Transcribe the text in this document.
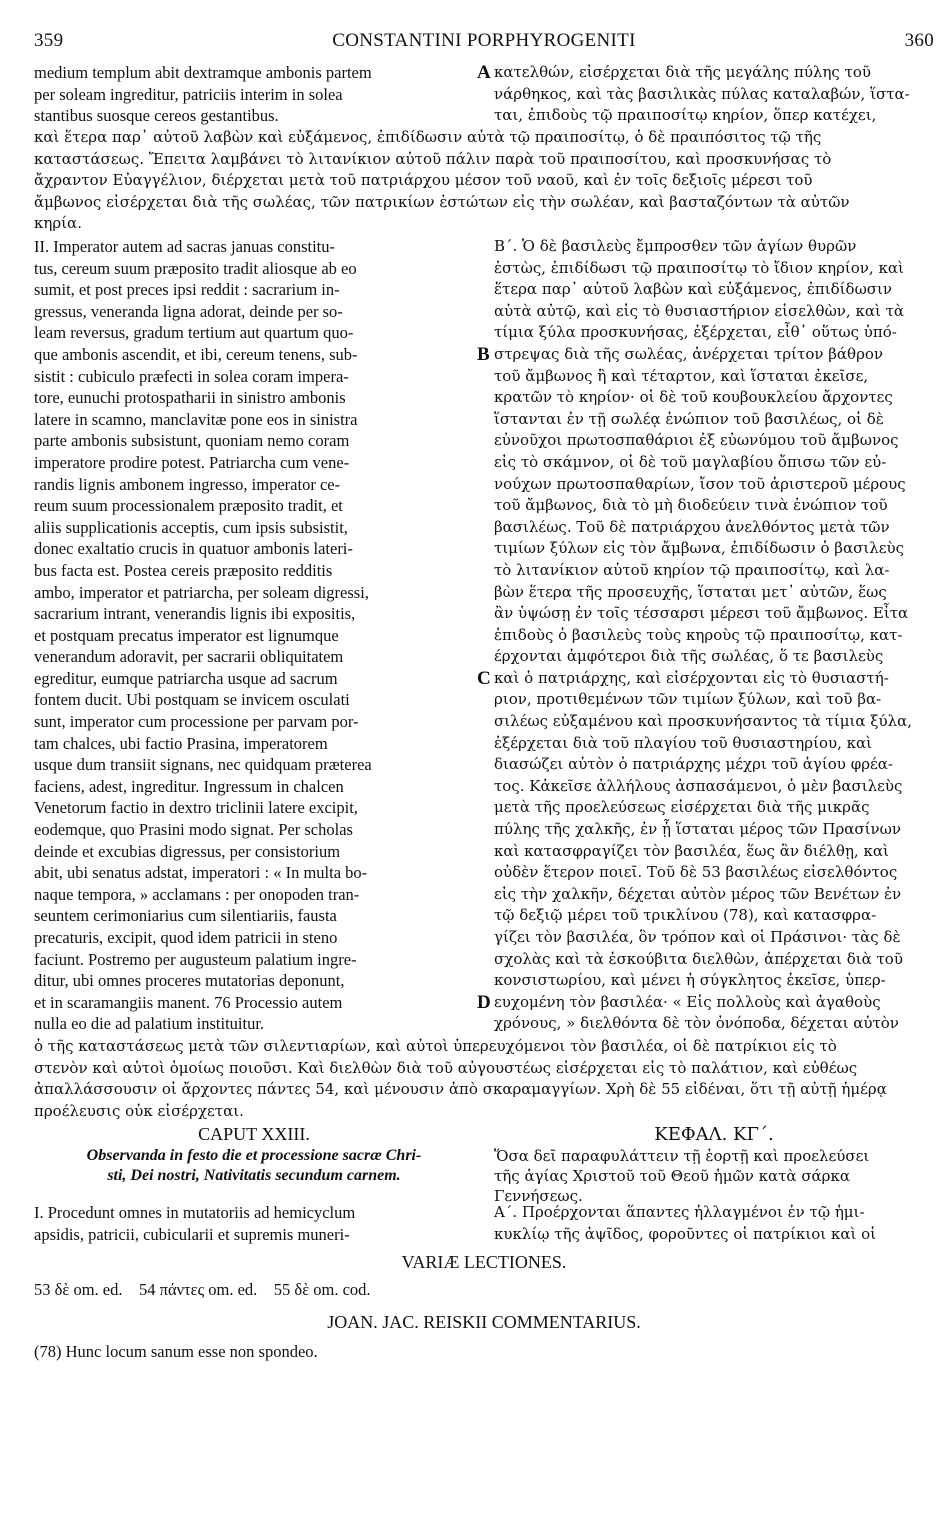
359	CONSTANTINI PORPHYROGENITI	360
medium templum abit dextramque ambonis partem
per soleam ingreditur, patriciis interim in solea
stantibus suosque cereos gestantibus.
A κατελθών, εἰσέρχεται διὰ τῆς μεγάλης πύλης τοῦ
νάρθηκος, καὶ τὰς βασιλικὰς πύλας καταλαβών, ἵστα-
ται, ἐπιδοὺς τῷ πραιποσίτῳ κηρίον, ὅπερ κατέχει,
καὶ ἕτερα παρ᾽ αὐτοῦ λαβὼν καὶ εὐξάμενος, ἐπιδίδωσιν αὐτὰ τῷ πραιποσίτῳ, ὁ δὲ πραιπόσιτος τῷ τῆς
καταστάσεως. Ἔπειτα λαμβάνει τὸ λιτανίκιον αὐτοῦ πάλιν παρὰ τοῦ πραιποσίτου, καὶ προσκυνήσας τὸ
ἄχραντον Εὐαγγέλιον, διέρχεται μετὰ τοῦ πατριάρχου μέσον τοῦ ναοῦ, καὶ ἐν τοῖς δεξιοῖς μέρεσι τοῦ
ἄμβωνος εἰσέρχεται διὰ τῆς σωλέας, τῶν πατρικίων ἑστώτων εἰς τὴν σωλέαν, καὶ βασταζόντων τὰ αὐτῶν
κηρία.
II. Imperator autem ad sacras januas constitu-
tus, cereum suum præposito tradit aliosque ab eo
sumit, et post preces ipsi reddit : sacrarium in-
gressus, veneranda ligna adorat, deinde per so-
leam reversus, gradum tertium aut quartum quo-
que ambonis ascendit, et ibi, cereum tenens, sub-
sistit : cubiculo præfecti in solea coram impera-
tore, eunuchi protospatharii in sinistro ambonis
latere in scamno, manclavitæ pone eos in sinistra
parte ambonis subsistunt, quoniam nemo coram
imperatore prodire potest. Patriarcha cum vene-
randis lignis ambonem ingresso, imperator ce-
reum suum processionalem præposito tradit, et
aliis supplicationis acceptis, cum ipsis subsistit,
donec exaltatio crucis in quatuor ambonis lateri-
bus facta est. Postea cereis præposito redditis
ambo, imperator et patriarcha, per soleam digressi,
sacrarium intrant, venerandis lignis ibi expositis,
et postquam precatus imperator est lignumque
venerandum adoravit, per sacrarii obliquitatem
egreditur, eumque patriarcha usque ad sacrum
fontem ducit. Ubi postquam se invicem osculati
sunt, imperator cum processione per parvam por-
tam chalces, ubi factio Prasina, imperatorem
usque dum transiit signans, nec quidquam præterea
faciens, adest, ingreditur. Ingressum in chalcen
Venetorum factio in dextro triclinii latere excipit,
eodemque, quo Prasini modo signat. Per scholas
deinde et excubias digressus, per consistorium
abit, ubi senatus adstat, imperatori : « In multa bo-
naque tempora, » acclamans : per onopoden tran-
seuntem cerimoniarius cum silentiariis, fausta
precaturis, excipit, quod idem patricii in steno
faciunt. Postremo per augusteum palatium ingre-
ditur, ubi omnes proceres mutatorias deponunt,
et in scaramangiis manent. 76 Processio autem
nulla eo die ad palatium instituitur.
Β΄. Ὁ δὲ βασιλεὺς ἔμπροσθεν τῶν ἁγίων θυρῶν
ἑστὼς, ἐπιδίδωσι τῷ πραιποσίτῳ τὸ ἴδιον κηρίον, καὶ
ἕτερα παρ᾽ αὐτοῦ λαβὼν καὶ εὐξάμενος, ἐπιδίδωσιν
αὐτὰ αὐτῷ, καὶ εἰς τὸ θυσιαστήριον εἰσελθὼν, καὶ τὰ
τίμια ξύλα προσκυνήσας, ἐξέρχεται, εἶθ᾽ οὕτως ὑπό-
στρεψας διὰ τῆς σωλέας, ἀνέρχεται τρίτον βάθρον
τοῦ ἄμβωνος ἢ καὶ τέταρτον, καὶ ἵσταται ἐκεῖσε,
κρατῶν τὸ κηρίον· οἱ δὲ τοῦ κουβουκλείου ἄρχοντες
ἵστανται ἐν τῇ σωλέᾳ ἐνώπιον τοῦ βασιλέως, οἱ δὲ
εὐνοῦχοι πρωτοσπαθάριοι ἐξ εὐωνύμου τοῦ ἄμβωνος
εἰς τὸ σκάμνον, οἱ δὲ τοῦ μαγλαβίου ὄπισω τῶν εὐ-
νούχων πρωτοσπαθαρίων, ἴσον τοῦ ἀριστεροῦ μέρους
τοῦ ἄμβωνος, διὰ τὸ μὴ διοδεύειν τινὰ ἐνώπιον τοῦ
βασιλέως. Τοῦ δὲ πατριάρχου ἀνελθόντος μετὰ τῶν
τιμίων ξύλων εἰς τὸν ἄμβωνα, ἐπιδίδωσιν ὁ βασιλεὺς
τὸ λιτανίκιον αὐτοῦ κηρίον τῷ πραιποσίτῳ, καὶ λα-
βὼν ἕτερα τῆς προσευχῆς, ἵσταται μετ᾽ αὐτῶν, ἕως
ἂν ὑψώσῃ ἐν τοῖς τέσσαρσι μέρεσι τοῦ ἄμβωνος. Εἶτα
ἐπιδοὺς ὁ βασιλεὺς τοὺς κηροὺς τῷ πραιποσίτῳ, κατ-
έρχονται ἀμφότεροι διὰ τῆς σωλέας, ὅ τε βασιλεὺς
καὶ ὁ πατριάρχης, καὶ εἰσέρχονται εἰς τὸ θυσιαστή-
ριον, προτιθεμένων τῶν τιμίων ξύλων, καὶ τοῦ βα-
σιλέως εὐξαμένου καὶ προσκυνήσαντος τὰ τίμια ξύλα,
ἐξέρχεται διὰ τοῦ πλαγίου τοῦ θυσιαστηρίου, καὶ
διασώζει αὐτὸν ὁ πατριάρχης μέχρι τοῦ ἁγίου φρέα-
τος. Κἀκεῖσε ἀλλήλους ἀσπασάμενοι, ὁ μὲν βασιλεὺς
μετὰ τῆς προελεύσεως εἰσέρχεται διὰ τῆς μικρᾶς
πύλης τῆς χαλκῆς, ἐν ᾗ ἵσταται μέρος τῶν Πρασίνων
καὶ κατασφραγίζει τὸν βασιλέα, ἕως ἂν διέλθῃ, καὶ
οὐδὲν ἕτερον ποιεῖ. Τοῦ δὲ 53 βασιλέως εἰσελθόντος
εἰς τὴν χαλκῆν, δέχεται αὐτὸν μέρος τῶν Βενέτων ἐν
τῷ δεξιῷ μέρει τοῦ τρικλίνου (78), καὶ κατασφρα-
γίζει τὸν βασιλέα, ὃν τρόπον καὶ οἱ Πράσινοι· τὰς δὲ
σχολὰς καὶ τὰ ἐσκούβιτα διελθὼν, ἀπέρχεται διὰ τοῦ
κονσιστωρίου, καὶ μένει ἡ σύγκλητος ἐκεῖσε, ὑπερ-
ευχομένη τὸν βασιλέα· « Εἰς πολλοὺς καὶ ἀγαθοὺς
χρόνους, » διελθόντα δὲ τὸν ὀνόποδα, δέχεται αὐτὸν
B
C
D
ὁ τῆς καταστάσεως μετὰ τῶν σιλεντιαρίων, καὶ αὐτοὶ ὑπερευχόμενοι τὸν βασιλέα, οἱ δὲ πατρίκιοι εἰς τὸ
στενὸν καὶ αὐτοὶ ὁμοίως ποιοῦσι. Καὶ διελθὼν διὰ τοῦ αὐγουστέως εἰσέρχεται εἰς τὸ παλάτιον, καὶ εὐθέως
ἀπαλλάσσουσιν οἱ ἄρχοντες πάντες 54, καὶ μένουσιν ἀπὸ σκαραμαγγίων. Χρὴ δὲ 55 εἰδέναι, ὅτι τῇ αὐτῇ ἡμέρᾳ
προέλευσις οὐκ εἰσέρχεται.
CAPUT XXIII.
Observanda in festo die et processione sacræ Chri-
sti, Dei nostri, Nativitatis secundum carnem.
ΚΕΦΑΛ. ΚΓ΄.
Ὅσα δεῖ παραφυλάττειν τῇ ἑορτῇ καὶ προελεύσει
τῆς ἁγίας Χριστοῦ τοῦ Θεοῦ ἡμῶν κατὰ σάρκα
Γεννήσεως.
I. Procedunt omnes in mutatoriis ad hemicyclum
apsidis, patricii, cubicularii et supremis muneri-
Α΄. Προέρχονται ἅπαντες ἠλλαγμένοι ἐν τῷ ἡμι-
κυκλίῳ τῆς ἀψῖδος, φοροῦντες οἱ πατρίκιοι καὶ οἱ
VARIÆ LECTIONES.
53 δὲ om. ed.    54 πάντες om. ed.    55 δὲ om. cod.
JOAN. JAC. REISKII COMMENTARIUS.
(78) Hunc locum sanum esse non spondeo.
